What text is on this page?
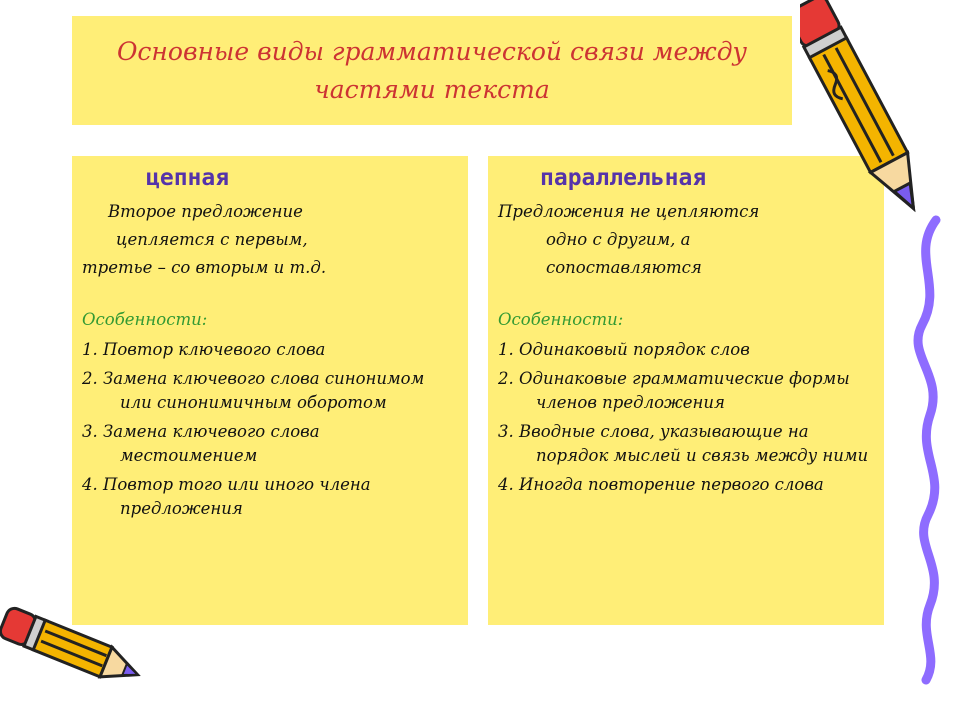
Основные виды грамматической связи между
частями текста
цепная
Второе предложение
цепляется с первым,
третье – со вторым и т.д.
Особенности:
1. Повтор ключевого слова
2. Замена ключевого слова синонимом
или синонимичным оборотом
3. Замена ключевого слова
местоимением
4. Повтор того или иного члена
предложения
параллельная
Предложения не цепляются
одно с другим, а
сопоставляются
Особенности:
1. Одинаковый порядок слов
2. Одинаковые грамматические формы
членов предложения
3. Вводные слова, указывающие на
порядок мыслей и связь между ними
4. Иногда повторение первого слова
